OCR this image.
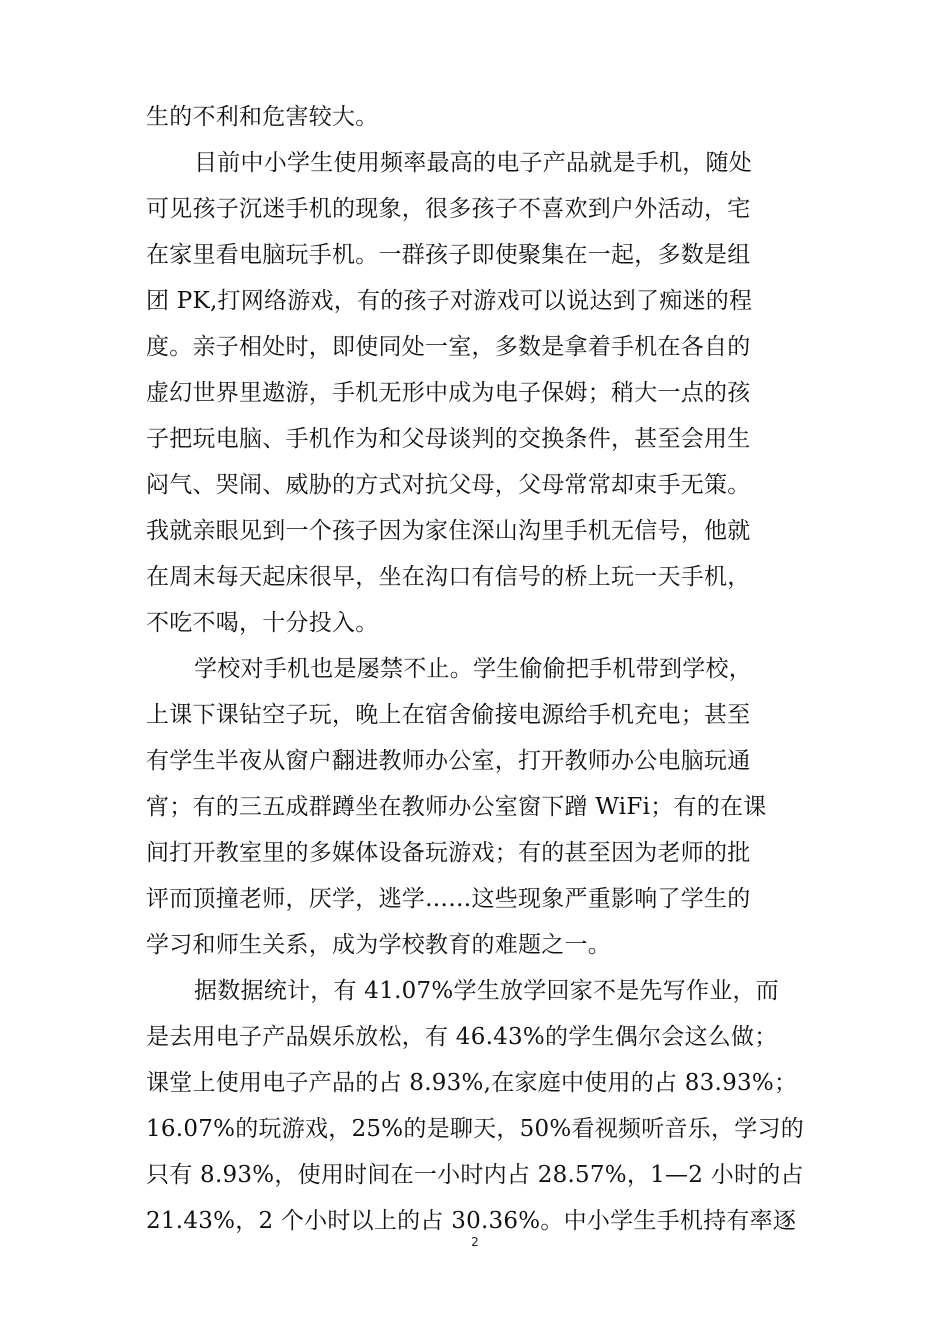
生的不利和危害较大。
目前中小学生使用频率最高的电子产品就是手机，随处
可见孩子沉迷手机的现象，很多孩子不喜欢到户外活动，宅
在家里看电脑玩手机。一群孩子即使聚集在一起，多数是组
团 PK,打网络游戏，有的孩子对游戏可以说达到了痴迷的程
度。亲子相处时，即使同处一室，多数是拿着手机在各自的
虚幻世界里遨游，手机无形中成为电子保姆；稍大一点的孩
子把玩电脑、手机作为和父母谈判的交换条件，甚至会用生
闷气、哭闹、威胁的方式对抗父母，父母常常却束手无策。
我就亲眼见到一个孩子因为家住深山沟里手机无信号，他就
在周末每天起床很早，坐在沟口有信号的桥上玩一天手机，
不吃不喝，十分投入。
学校对手机也是屡禁不止。学生偷偷把手机带到学校，
上课下课钻空子玩，晚上在宿舍偷接电源给手机充电；甚至
有学生半夜从窗户翻进教师办公室，打开教师办公电脑玩通
宵；有的三五成群蹲坐在教师办公室窗下蹭 WiFi；有的在课
间打开教室里的多媒体设备玩游戏；有的甚至因为老师的批
评而顶撞老师，厌学，逃学……这些现象严重影响了学生的
学习和师生关系，成为学校教育的难题之一。
据数据统计，有 41.07%学生放学回家不是先写作业，而
是去用电子产品娱乐放松，有 46.43%的学生偶尔会这么做；
课堂上使用电子产品的占 8.93%,在家庭中使用的占 83.93%；
16.07%的玩游戏，25%的是聊天，50%看视频听音乐，学习的
只有 8.93%，使用时间在一小时内占 28.57%，1—2 小时的占
21.43%，2 个小时以上的占 30.36%。中小学生手机持有率逐
2
